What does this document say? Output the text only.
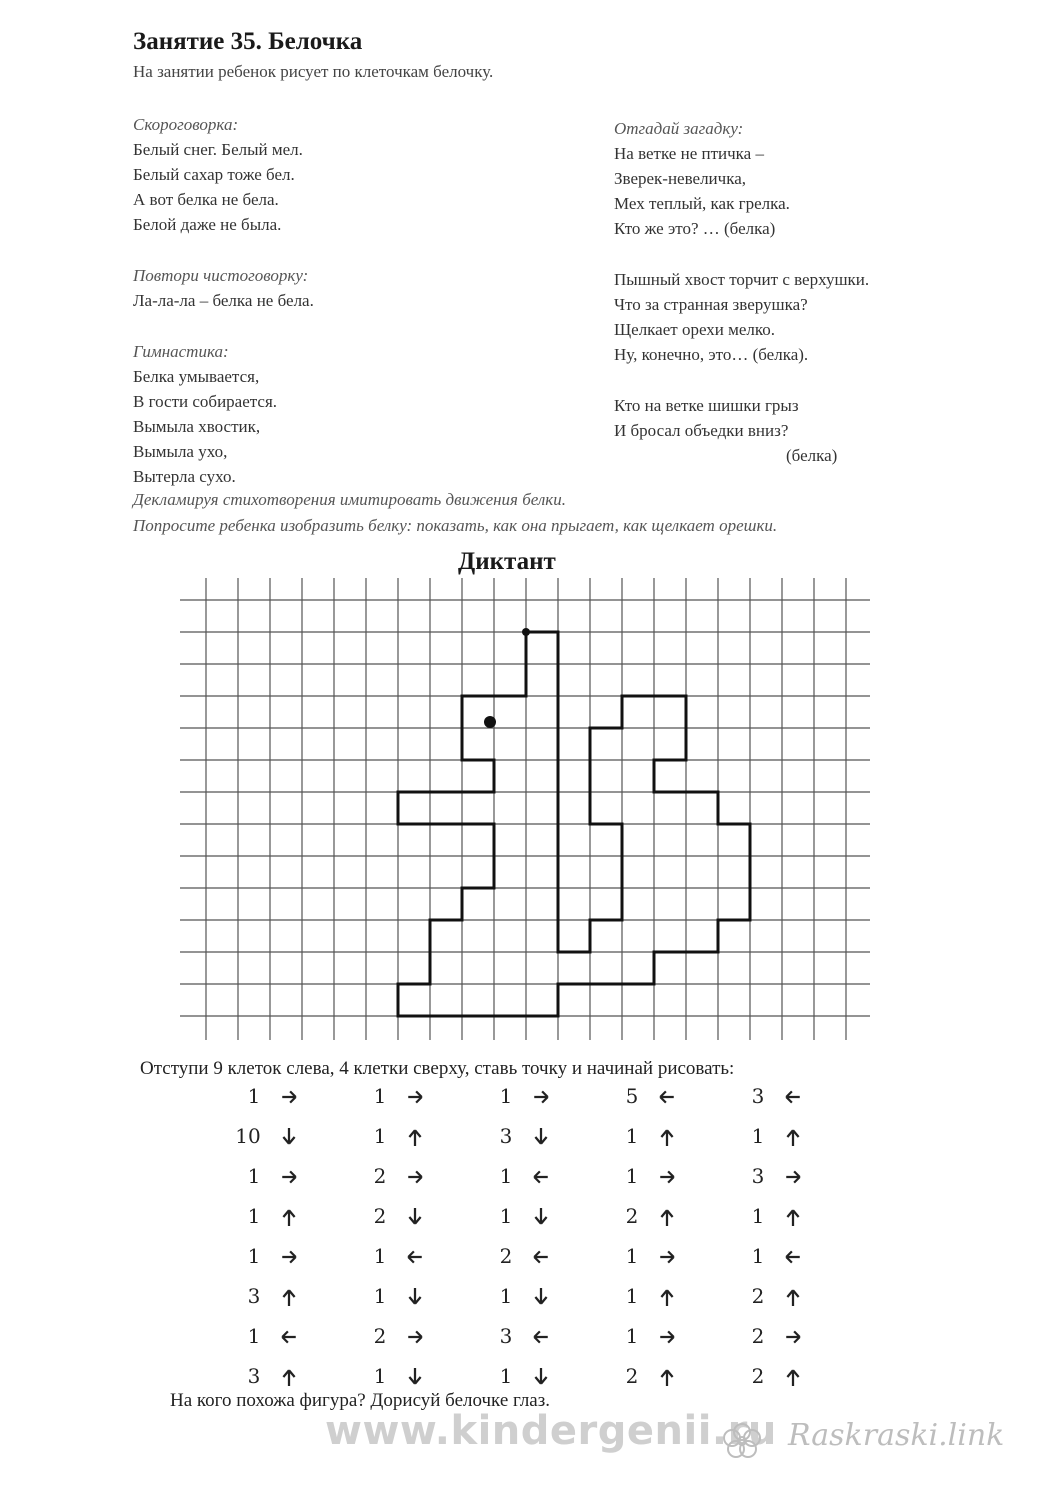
Занятие 35. Белочка
На занятии ребенок рисует по клеточкам белочку.
Скороговорка:
Белый снег. Белый мел.
Белый сахар тоже бел.
А вот белка не бела.
Белой даже не была.
Повтори чистоговорку:
Ла-ла-ла – белка не бела.
Гимнастика:
Белка умывается,
В гости собирается.
Вымыла хвостик,
Вымыла ухо,
Вытерла сухо.
Отгадай загадку:
На ветке не птичка –
Зверек-невеличка,
Мех теплый, как грелка.
Кто же это? … (белка)
Пышный хвост торчит с верхушки.
Что за странная зверушка?
Щелкает орехи мелко.
Ну, конечно, это… (белка).
Кто на ветке шишки грыз
И бросал объедки вниз?
(белка)
Декламируя стихотворения имитировать движения белки.
Попросите ребенка изобразить белку: показать, как она прыгает, как щелкает орешки.
Диктант
Отступи 9 клеток слева, 4 клетки сверху, ставь точку и начинай рисовать:
1
10
1
1
1
3
1
3
1
1
2
2
1
1
2
1
1
3
1
1
2
1
3
1
5
1
1
2
1
1
1
2
3
1
3
1
1
2
2
2
На кого похожа фигура? Дорисуй белочке глаз.
www.kindergenii.ru Raskraski.link
